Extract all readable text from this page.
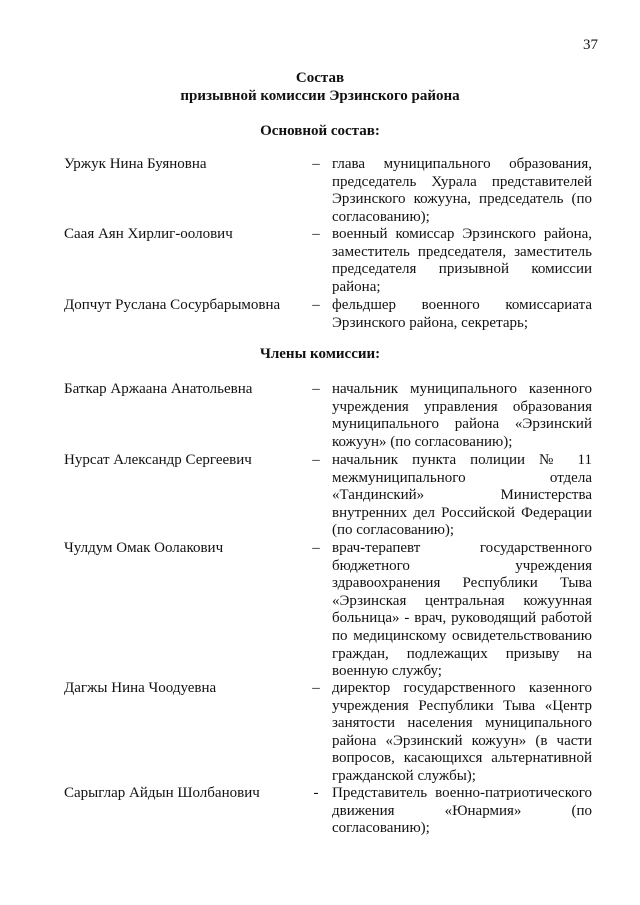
37
Состав
призывной комиссии Эрзинского района
Основной состав:
Уржук Нина Буяновна	– глава муниципального образования, председатель Хурала представителей Эрзинского кожууна, председатель (по согласованию);
Саая Аян Хирлиг-оолович	– военный комиссар Эрзинского района, заместитель председателя, заместитель председателя призывной комиссии района;
Допчут Руслана Сосурбарымовна	– фельдшер военного комиссариата Эрзинского района, секретарь;
Члены комиссии:
Баткар Аржаана Анатольевна	– начальник муниципального казенного учреждения управления образования муниципального района «Эрзинский кожуун» (по согласованию);
Нурсат Александр Сергеевич	– начальник пункта полиции № 11 межмуниципального отдела «Тандинский» Министерства внутренних дел Российской Федерации (по согласованию);
Чулдум Омак Оолакович	– врач-терапевт государственного бюджетного учреждения здравоохранения Республики Тыва «Эрзинская центральная кожуунная больница» - врач, руководящий работой по медицинскому освидетельствованию граждан, подлежащих призыву на военную службу;
Дагжы Нина Чоодуевна	– директор государственного казенного учреждения Республики Тыва «Центр занятости населения муниципального района «Эрзинский кожуун» (в части вопросов, касающихся альтернативной гражданской службы);
Сарыглар Айдын Шолбанович	- Представитель военно-патриотического движения «Юнармия» (по согласованию);
